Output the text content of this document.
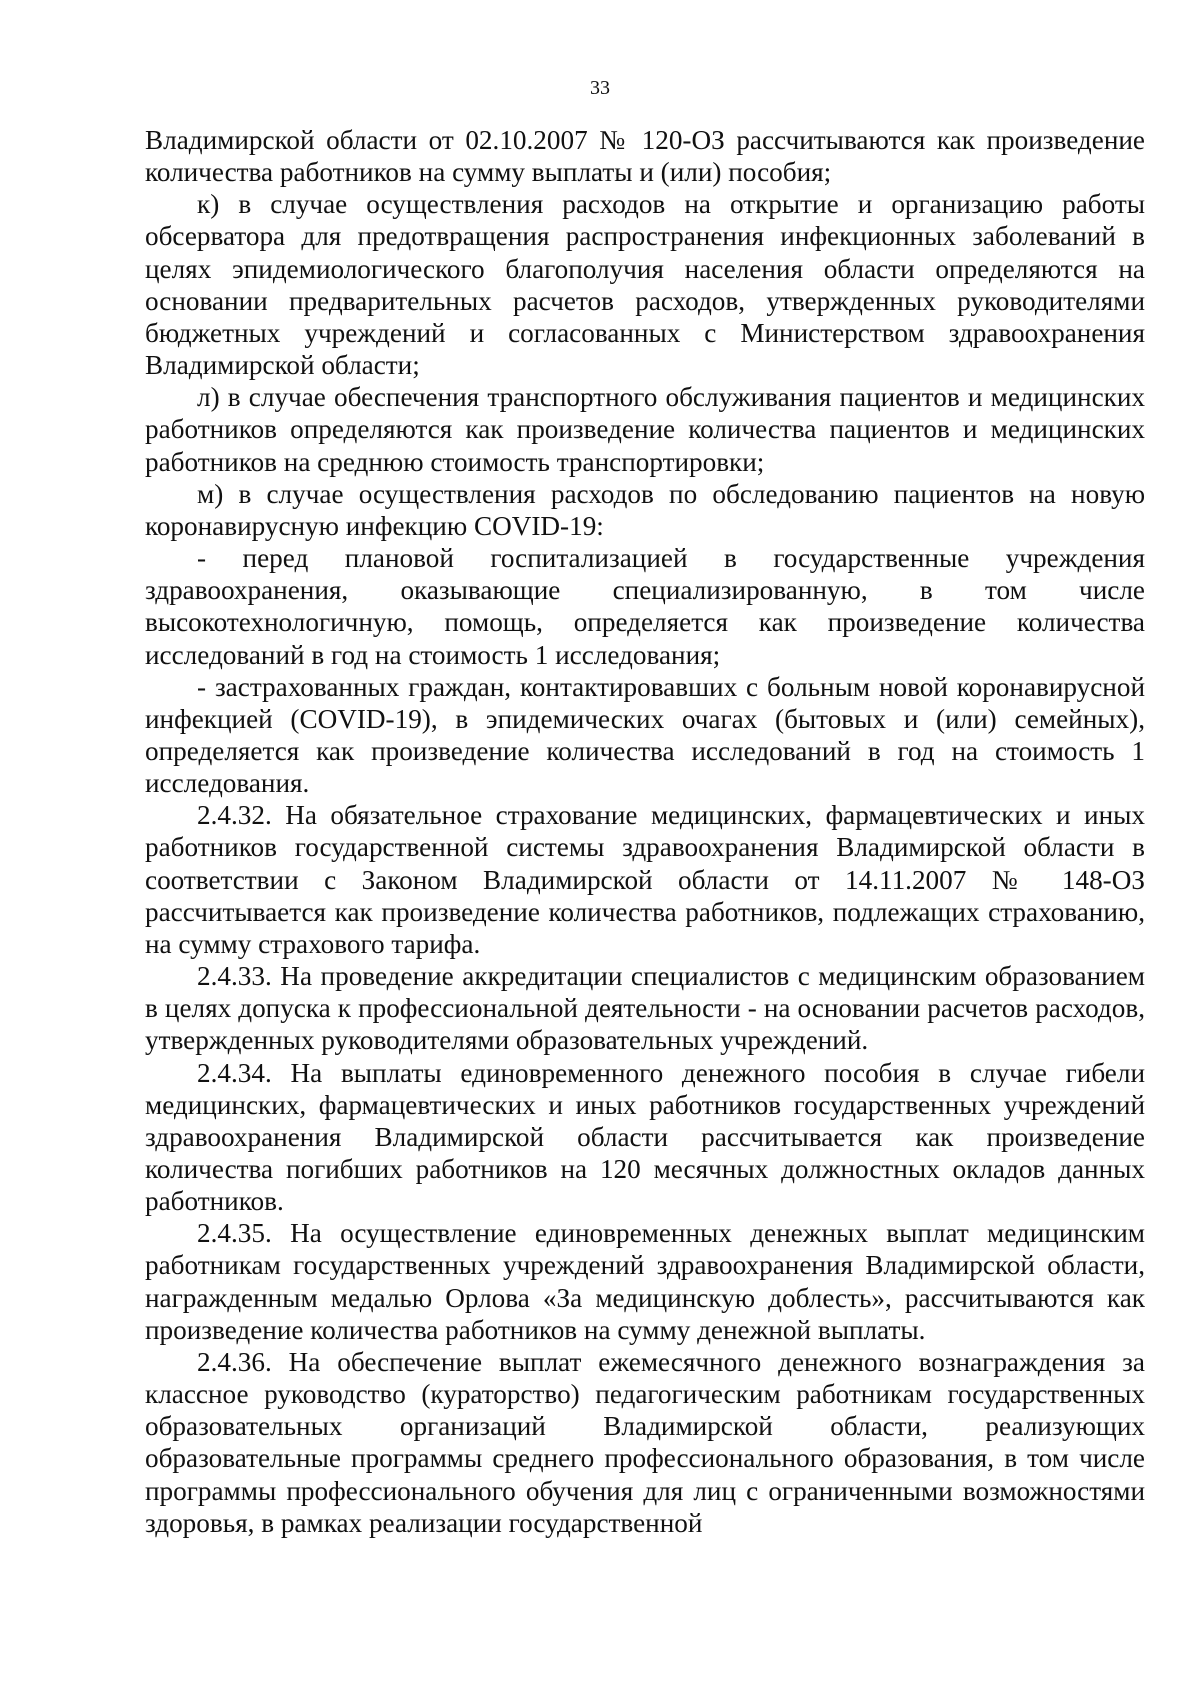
33

Владимирской области от 02.10.2007 № 120-ОЗ рассчитываются как произведение количества работников на сумму выплаты и (или) пособия;

к) в случае осуществления расходов на открытие и организацию работы обсерватора для предотвращения распространения инфекционных заболеваний в целях эпидемиологического благополучия населения области определяются на основании предварительных расчетов расходов, утвержденных руководителями бюджетных учреждений и согласованных с Министерством здравоохранения Владимирской области;

л) в случае обеспечения транспортного обслуживания пациентов и медицинских работников определяются как произведение количества пациентов и медицинских работников на среднюю стоимость транспортировки;

м) в случае осуществления расходов по обследованию пациентов на новую коронавирусную инфекцию COVID-19:

- перед плановой госпитализацией в государственные учреждения здравоохранения, оказывающие специализированную, в том числе высокотехнологичную, помощь, определяется как произведение количества исследований в год на стоимость 1 исследования;

- застрахованных граждан, контактировавших с больным новой коронавирусной инфекцией (COVID-19), в эпидемических очагах (бытовых и (или) семейных), определяется как произведение количества исследований в год на стоимость 1 исследования.

2.4.32. На обязательное страхование медицинских, фармацевтических и иных работников государственной системы здравоохранения Владимирской области в соответствии с Законом Владимирской области от 14.11.2007 № 148-ОЗ рассчитывается как произведение количества работников, подлежащих страхованию, на сумму страхового тарифа.

2.4.33. На проведение аккредитации специалистов с медицинским образованием в целях допуска к профессиональной деятельности - на основании расчетов расходов, утвержденных руководителями образовательных учреждений.

2.4.34. На выплаты единовременного денежного пособия в случае гибели медицинских, фармацевтических и иных работников государственных учреждений здравоохранения Владимирской области рассчитывается как произведение количества погибших работников на 120 месячных должностных окладов данных работников.

2.4.35. На осуществление единовременных денежных выплат медицинским работникам государственных учреждений здравоохранения Владимирской области, награжденным медалью Орлова «За медицинскую доблесть», рассчитываются как произведение количества работников на сумму денежной выплаты.

2.4.36. На обеспечение выплат ежемесячного денежного вознаграждения за классное руководство (кураторство) педагогическим работникам государственных образовательных организаций Владимирской области, реализующих образовательные программы среднего профессионального образования, в том числе программы профессионального обучения для лиц с ограниченными возможностями здоровья, в рамках реализации государственной
